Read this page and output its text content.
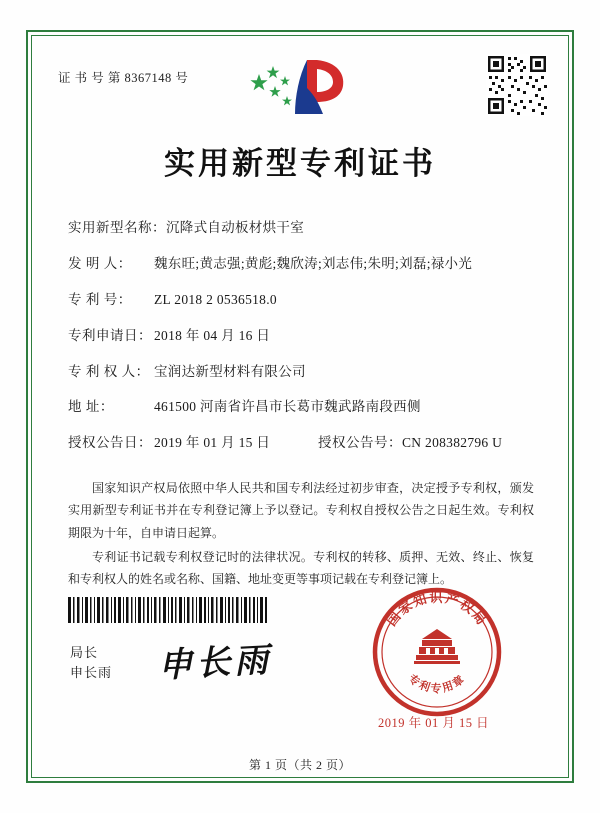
证 书 号 第 8367148 号
实用新型专利证书
实用新型名称： 沉降式自动板材烘干室
发 明 人：	魏东旺;黄志强;黄彪;魏欣涛;刘志伟;朱明;刘磊;禄小光
专 利 号：	ZL 2018 2 0536518.0
专利申请日： 2018 年 04 月 16 日
专 利 权 人： 宝润达新型材料有限公司
地 址：	461500 河南省许昌市长葛市魏武路南段西侧
授权公告日： 2019 年 01 月 15 日	授权公告号： CN 208382796 U

国家知识产权局依照中华人民共和国专利法经过初步审查，决定授予专利权，颁发实用新型专利证书并在专利登记簿上予以登记。专利权自授权公告之日起生效。专利权期限为十年，自申请日起算。

专利证书记载专利权登记时的法律状况。专利权的转移、质押、无效、终止、恢复和专利权人的姓名或名称、国籍、地址变更等事项记载在专利登记簿上。

局长
申长雨 申长雨
国家知识产权局
专利专用章
2019 年 01 月 15 日
第 1 页（共 2 页）
